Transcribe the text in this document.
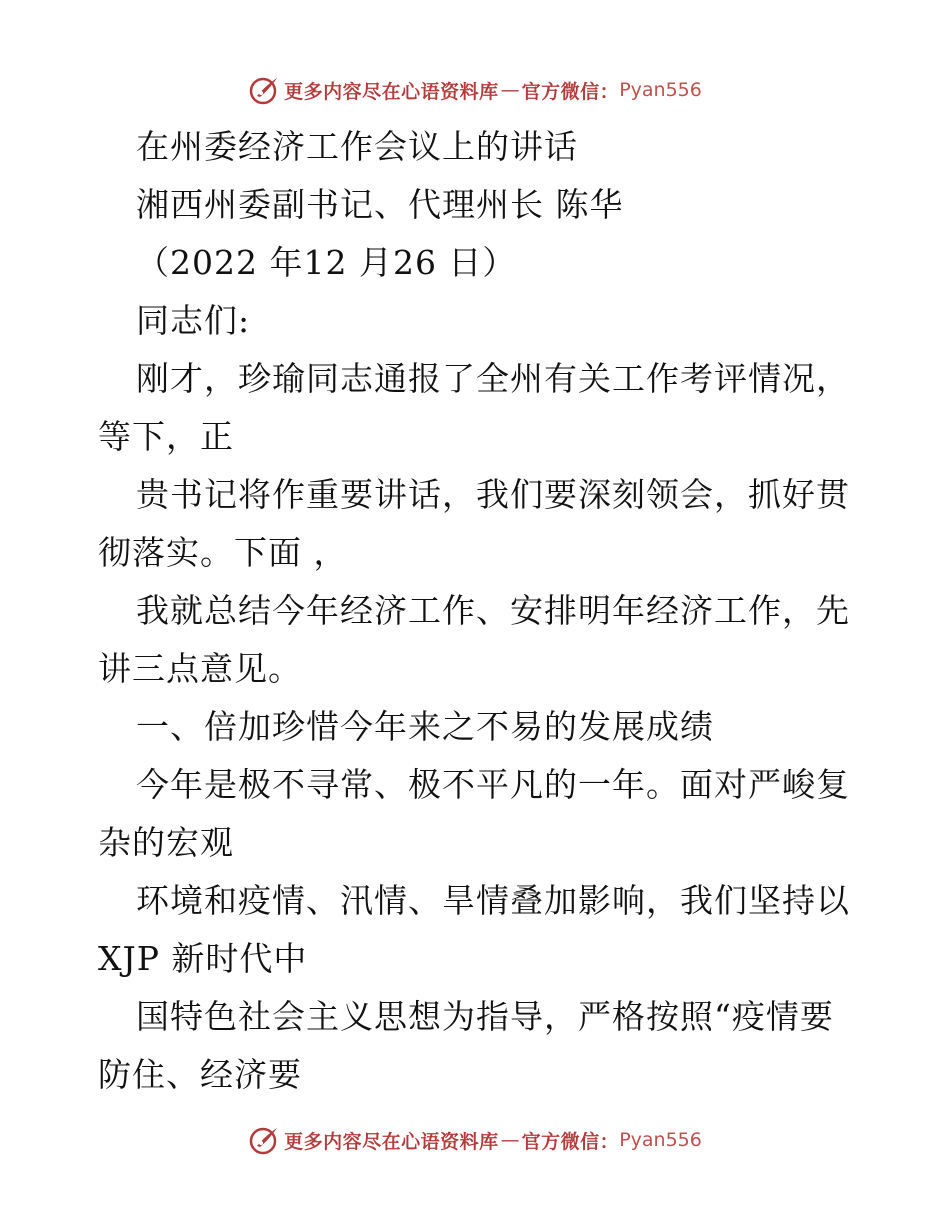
更多内容尽在心语资料库 — 官方微信： Pyan556
在州委经济工作会议上的讲话
湘西州委副书记、代理州长 陈华
（2022 年12 月26 日）
同志们:
刚才，珍瑜同志通报了全州有关工作考评情况，
等下，正
贵书记将作重要讲话，我们要深刻领会，抓好贯
彻落实。下面 ，
我就总结今年经济工作、安排明年经济工作，先
讲三点意见。
一、倍加珍惜今年来之不易的发展成绩
今年是极不寻常、极不平凡的一年。面对严峻复
杂的宏观
环境和疫情、汛情、旱情叠加影响，我们坚持以
XJP 新时代中
国特色社会主义思想为指导，严格按照“疫情要
防住、经济要
更多内容尽在心语资料库 — 官方微信： Pyan556
